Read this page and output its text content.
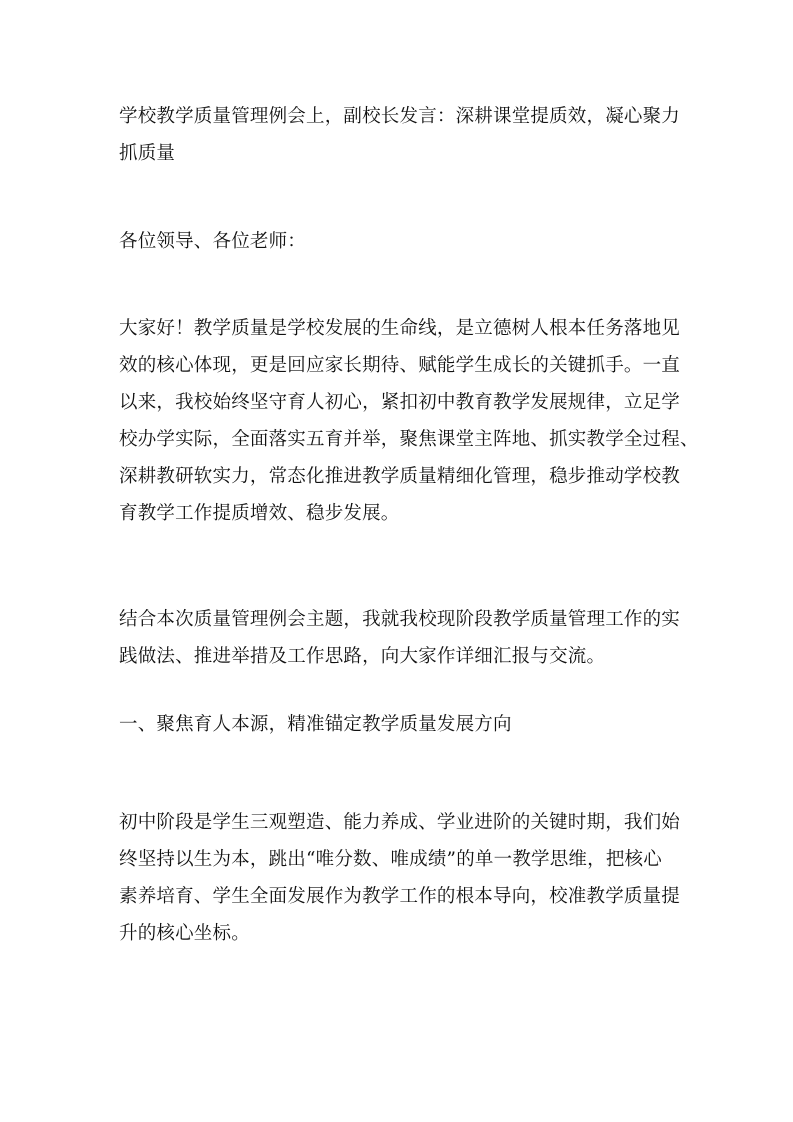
学校教学质量管理例会上，副校长发言：深耕课堂提质效，凝心聚力
抓质量

各位领导、各位老师：

大家好！教学质量是学校发展的生命线，是立德树人根本任务落地见
效的核心体现，更是回应家长期待、赋能学生成长的关键抓手。一直
以来，我校始终坚守育人初心，紧扣初中教育教学发展规律，立足学
校办学实际，全面落实五育并举，聚焦课堂主阵地、抓实教学全过程、
深耕教研软实力，常态化推进教学质量精细化管理，稳步推动学校教
育教学工作提质增效、稳步发展。

结合本次质量管理例会主题，我就我校现阶段教学质量管理工作的实
践做法、推进举措及工作思路，向大家作详细汇报与交流。

一、聚焦育人本源，精准锚定教学质量发展方向

初中阶段是学生三观塑造、能力养成、学业进阶的关键时期，我们始
终坚持以生为本，跳出“唯分数、唯成绩”的单一教学思维，把核心
素养培育、学生全面发展作为教学工作的根本导向，校准教学质量提
升的核心坐标。
